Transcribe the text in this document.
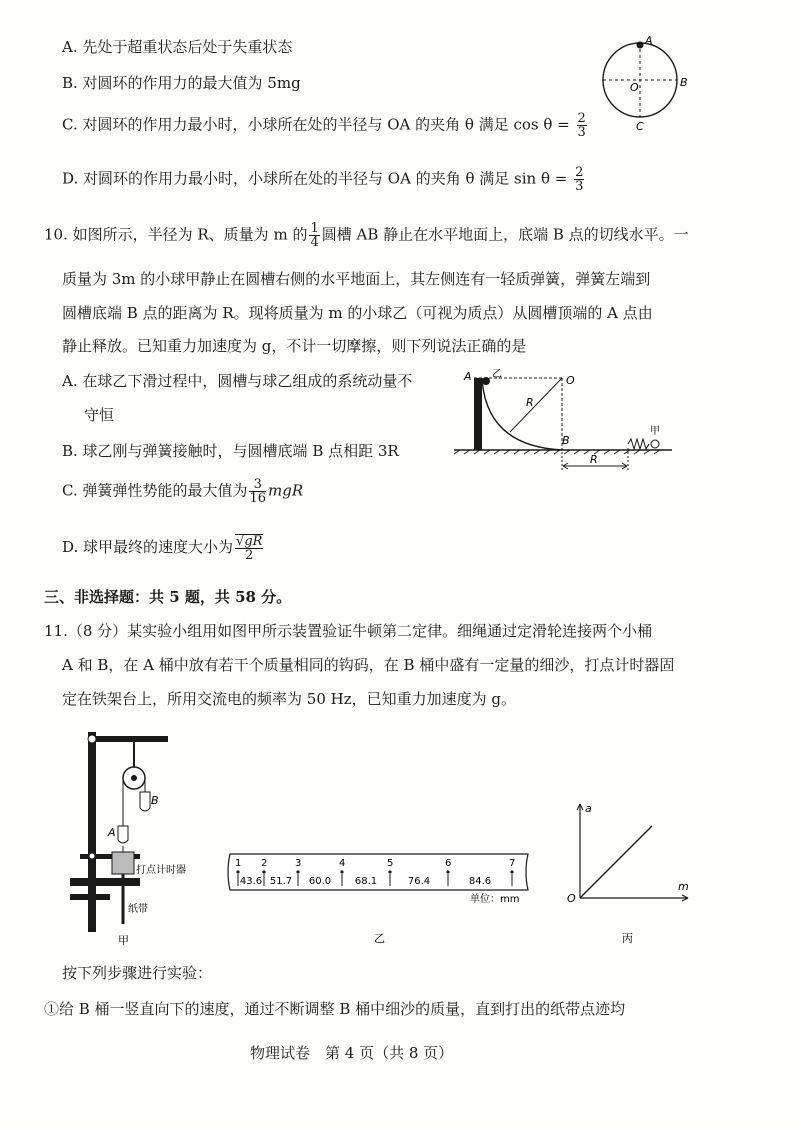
A. 先处于超重状态后处于失重状态
B. 对圆环的作用力的最大值为 5mg
C. 对圆环的作用力最小时，小球所在处的半径与 OA 的夹角 θ 满足 $\cos \theta = \frac{2}{3}$
D. 对圆环的作用力最小时，小球所在处的半径与 OA 的夹角 θ 满足 $\sin \theta = \frac{2}{3}$
A
B
C
O
10. 如图所示，半径为 R、质量为 m 的 $\frac{1}{4}$ 圆槽 AB 静止在水平地面上，底端 B 点的切线水平。一
质量为 3m 的小球甲静止在圆槽右侧的水平地面上，其左侧连有一轻质弹簧，弹簧左端到
圆槽底端 B 点的距离为 R。现将质量为 m 的小球乙（可视为质点）从圆槽顶端的 A 点由
静止释放。已知重力加速度为 g，不计一切摩擦，则下列说法正确的是
A. 在球乙下滑过程中，圆槽与球乙组成的系统动量不
守恒
B. 球乙刚与弹簧接触时，与圆槽底端 B 点相距 3R
C. 弹簧弹性势能的最大值为 $\frac{3}{16}$ mgR
D. 球甲最终的速度大小为 $\frac{√gR}{2}$
A 乙	O
R
B
甲
R
三、非选择题：共 5 题，共 58 分。
11.（8 分）某实验小组用如图甲所示装置验证牛顿第二定律。细绳通过定滑轮连接两个小桶
A 和 B，在 A 桶中放有若干个质量相同的钩码，在 B 桶中盛有一定量的细沙，打点计时器固
定在铁架台上，所用交流电的频率为 50 Hz，已知重力加速度为 g。
B
A
打点计时器
纸带
甲
1 2	3	4	5	6	7
43.6 51.7 60.0 68.1	76.4	84.6
单位：mm
乙
a
m
O
丙
按下列步骤进行实验：
①给 B 桶一竖直向下的速度，通过不断调整 B 桶中细沙的质量，直到打出的纸带点迹均
物理试卷　第 4 页（共 8 页）
